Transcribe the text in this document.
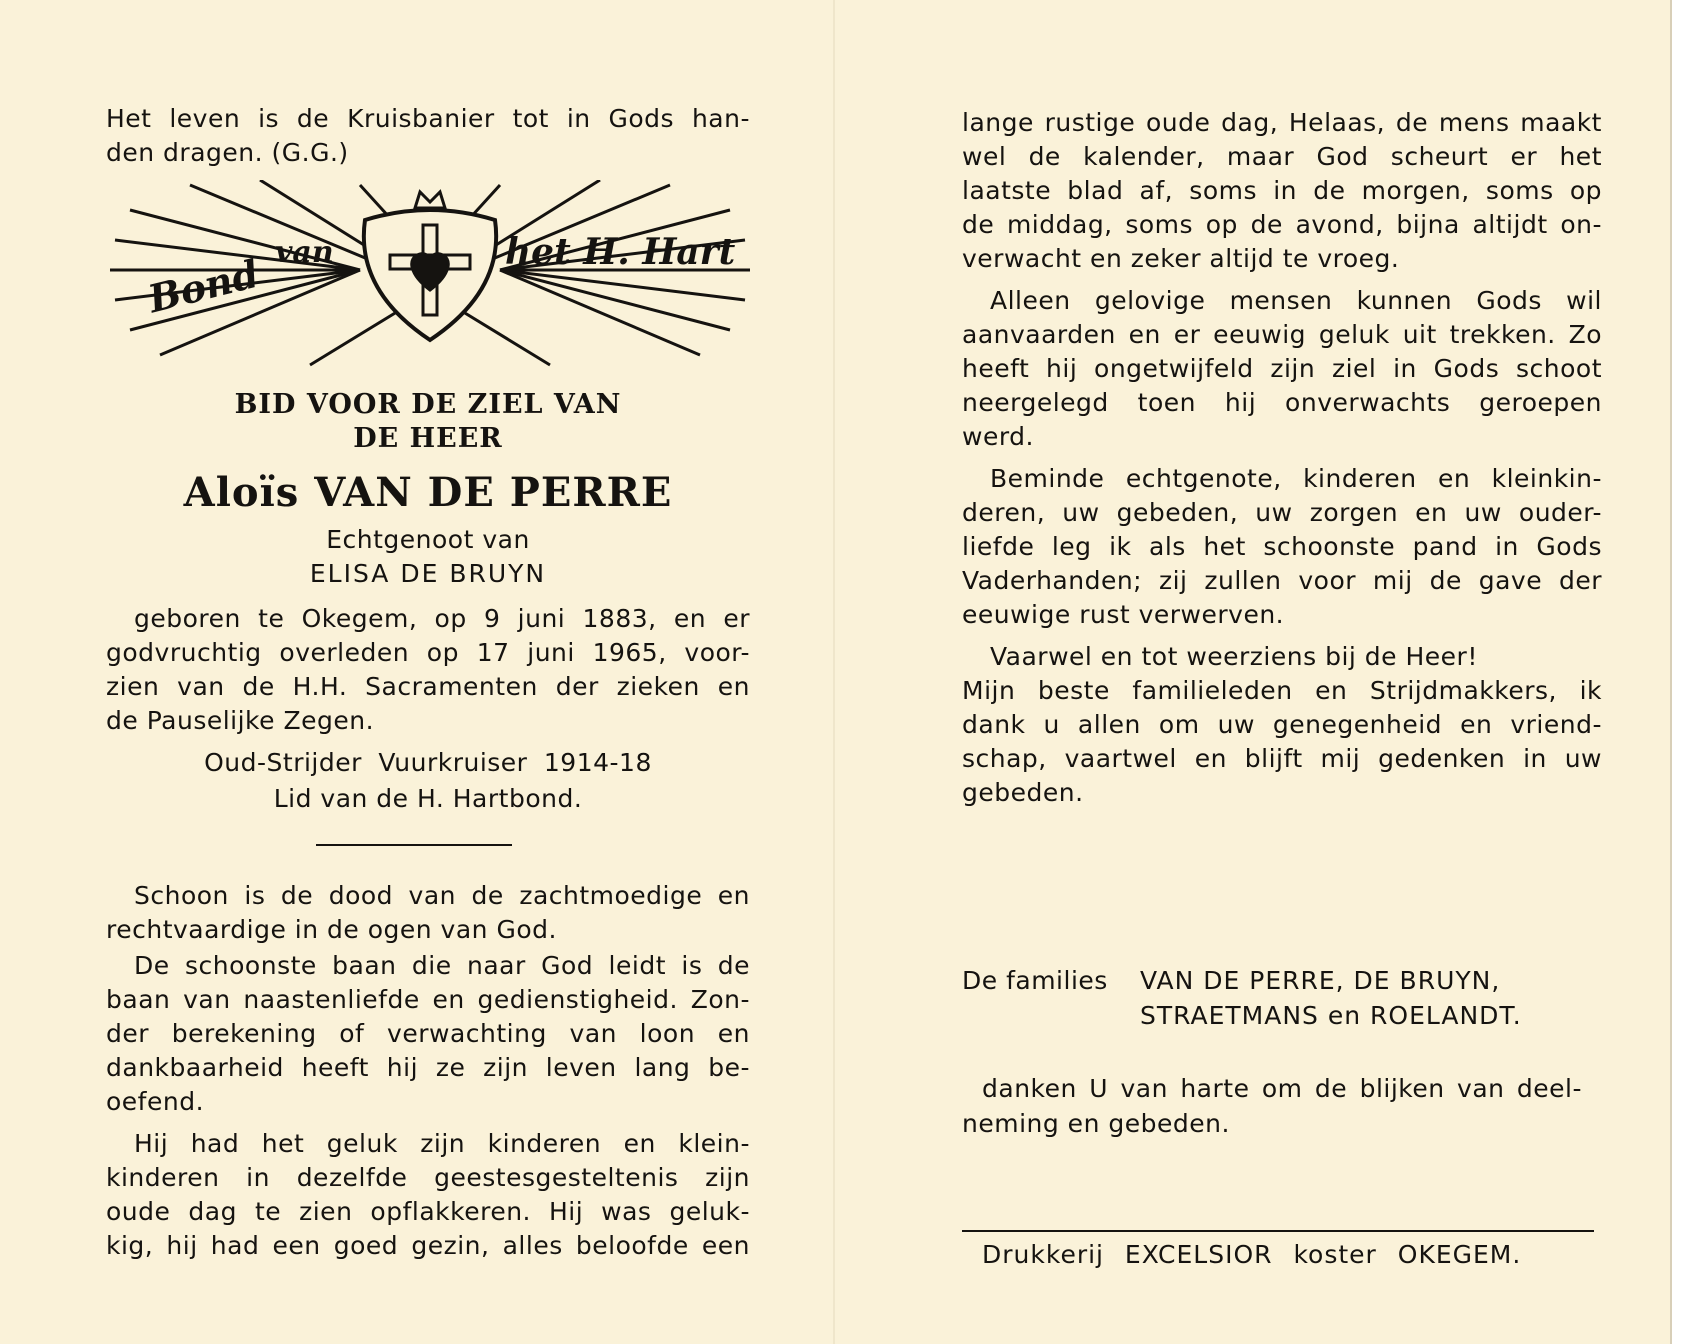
Het leven is de Kruisbanier tot in Gods han-
den dragen. (G.G.)
Bond van	het H. Hart
BID VOOR DE ZIEL VAN
DE HEER
Aloïs VAN DE PERRE
Echtgenoot van
ELISA DE BRUYN
geboren te Okegem, op 9 juni 1883, en er
godvruchtig overleden op 17 juni 1965, voor-
zien van de H.H. Sacramenten der zieken en
de Pauselijke Zegen.
Oud-Strijder Vuurkruiser 1914-18
Lid van de H. Hartbond.
Schoon is de dood van de zachtmoedige en
rechtvaardige in de ogen van God.
De schoonste baan die naar God leidt is de
baan van naastenliefde en gedienstigheid. Zon-
der berekening of verwachting van loon en
dankbaarheid heeft hij ze zijn leven lang be-
oefend.
Hij had het geluk zijn kinderen en klein-
kinderen in dezelfde geestesgesteltenis zijn
oude dag te zien opflakkeren. Hij was geluk-
kig, hij had een goed gezin, alles beloofde een
lange rustige oude dag, Helaas, de mens maakt
wel de kalender, maar God scheurt er het
laatste blad af, soms in de morgen, soms op
de middag, soms op de avond, bijna altijdt on-
verwacht en zeker altijd te vroeg.
Alleen gelovige mensen kunnen Gods wil
aanvaarden en er eeuwig geluk uit trekken. Zo
heeft hij ongetwijfeld zijn ziel in Gods schoot
neergelegd toen hij onverwachts geroepen
werd.
Beminde echtgenote, kinderen en kleinkin-
deren, uw gebeden, uw zorgen en uw ouder-
liefde leg ik als het schoonste pand in Gods
Vaderhanden; zij zullen voor mij de gave der
eeuwige rust verwerven.
Vaarwel en tot weerziens bij de Heer!
Mijn beste familieleden en Strijdmakkers, ik
dank u allen om uw genegenheid en vriend-
schap, vaartwel en blijft mij gedenken in uw
gebeden.
De families VAN DE PERRE, DE BRUYN,
STRAETMANS en ROELANDT.
danken U van harte om de blijken van deel-
neming en gebeden.
Drukkerij EXCELSIOR koster OKEGEM.
